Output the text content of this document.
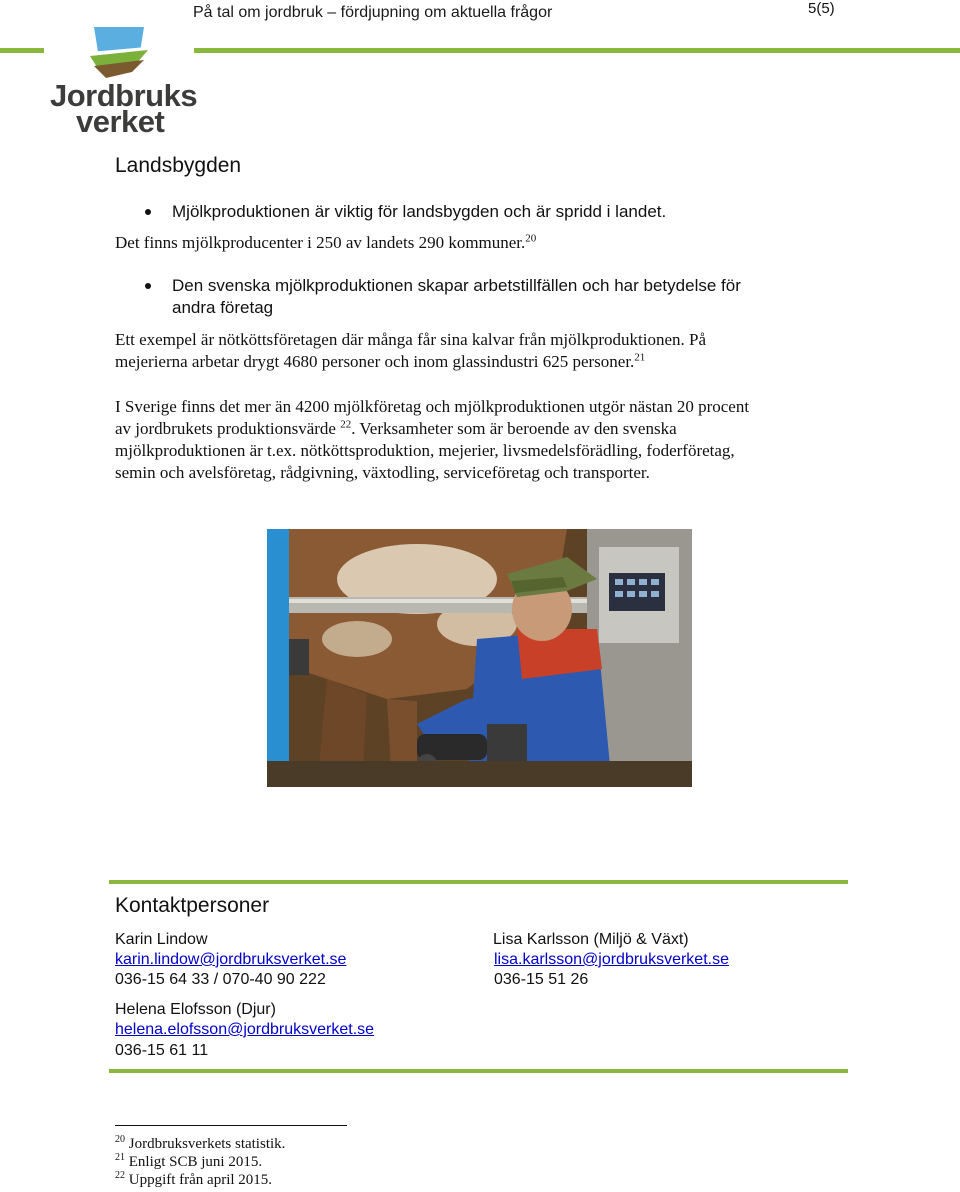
På tal om jordbruk – fördjupning om aktuella frågor	5(5)
Jordbruks
verket
Landsbygden
Mjölkproduktionen är viktig för landsbygden och är spridd i landet.
Det finns mjölkproducenter i 250 av landets 290 kommuner.$^{20}$
Den svenska mjölkproduktionen skapar arbetstillfällen och har betydelse för
andra företag
Ett exempel är nötköttsföretagen där många får sina kalvar från mjölkproduktionen. På
mejerierna arbetar drygt 4680 personer och inom glassindustri 625 personer.$^{21}$
I Sverige finns det mer än 4200 mjölkföretag och mjölkproduktionen utgör nästan 20 procent
av jordbrukets produktionsvärde $^{22}$. Verksamheter som är beroende av den svenska
mjölkproduktionen är t.ex. nötköttsproduktion, mejerier, livsmedelsförädling, foderföretag,
semin och avelsföretag, rådgivning, växtodling, serviceföretag och transporter.
Kontaktpersoner
Karin Lindow
karin.lindow@jordbruksverket.se
036-15 64 33 / 070-40 90 222
Lisa Karlsson (Miljö & Växt)
lisa.karlsson@jordbruksverket.se
036-15 51 26
Helena Elofsson (Djur)
helena.elofsson@jordbruksverket.se
036-15 61 11
$^{20}$ Jordbruksverkets statistik.
$^{21}$ Enligt SCB juni 2015.
$^{22}$ Uppgift från april 2015.
